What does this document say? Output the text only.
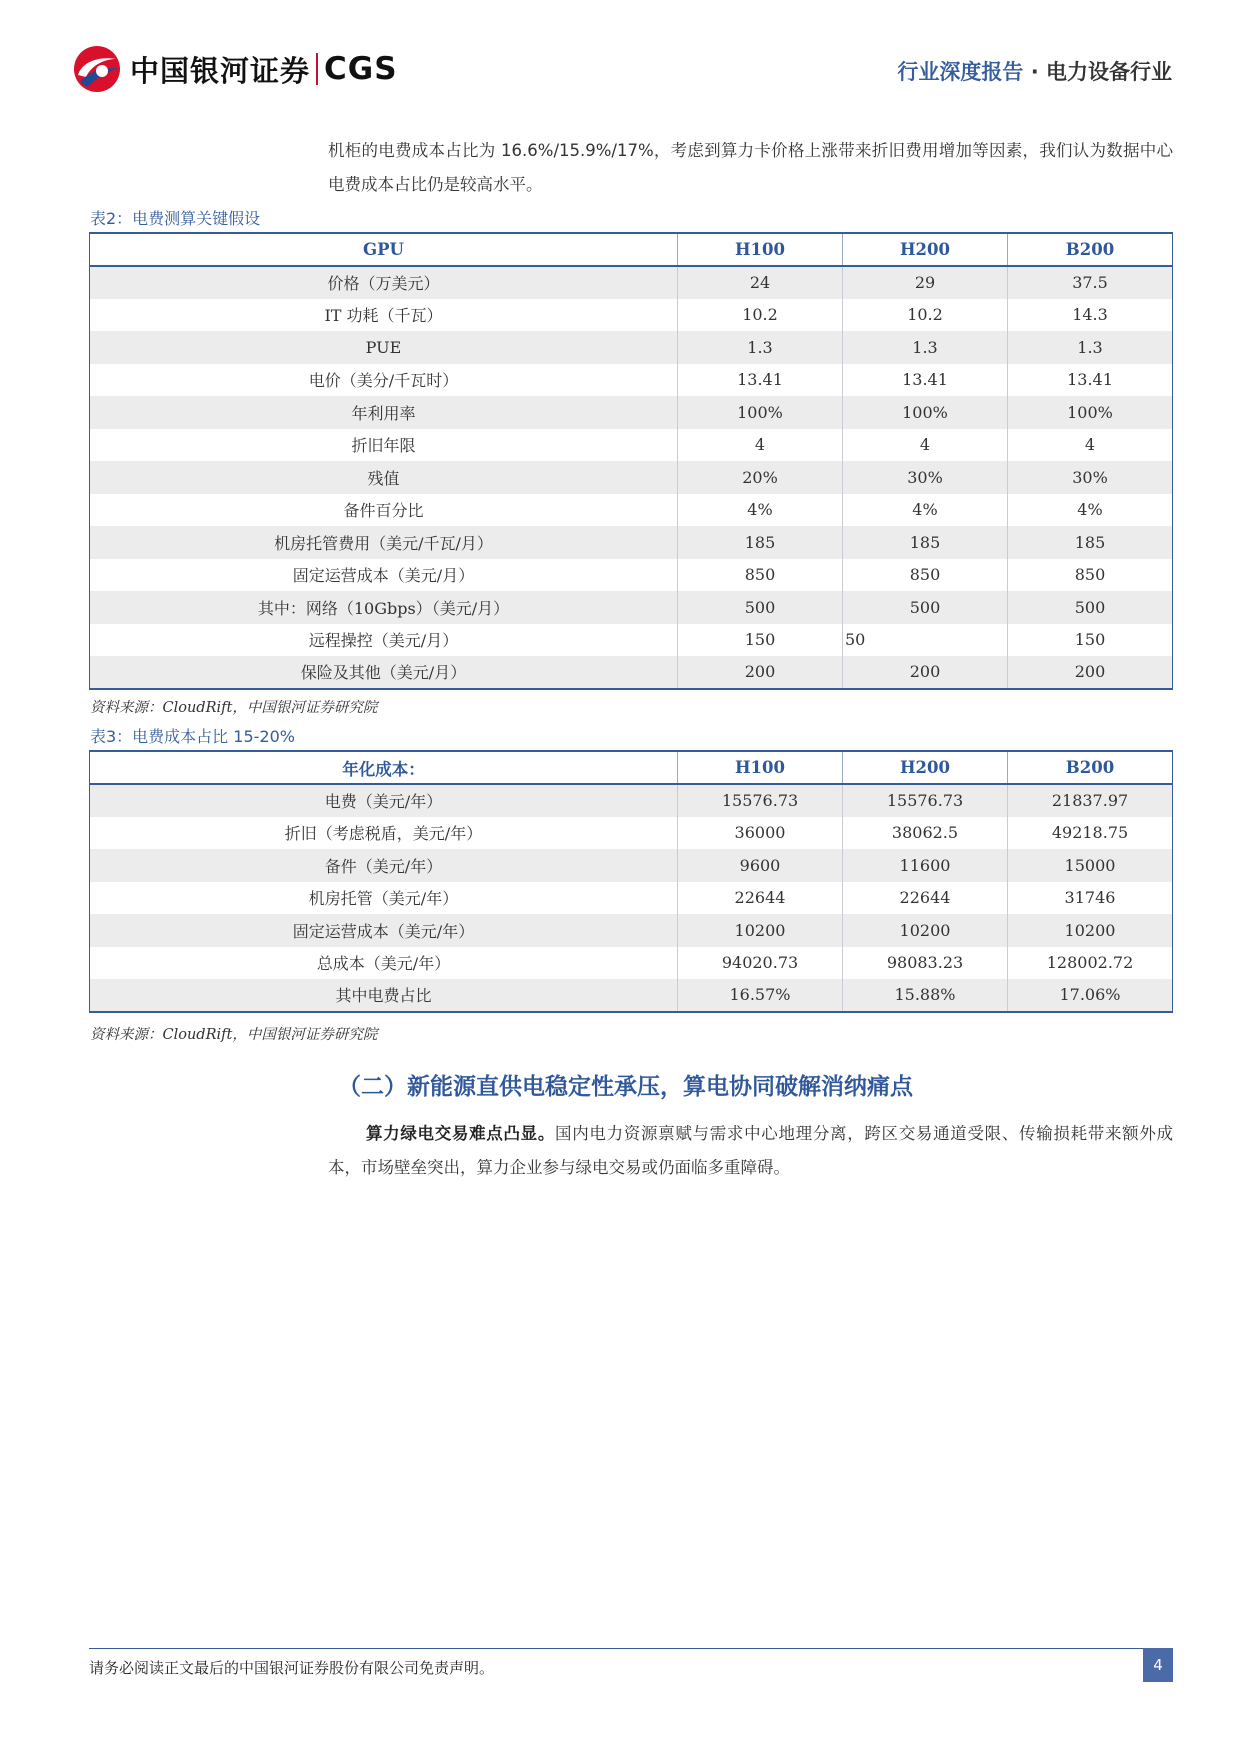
中国银河证券 CGS	行业深度报告 · 电力设备行业

机柜的电费成本占比为 16.6%/15.9%/17%，考虑到算力卡价格上涨带来折旧费用增加等因素，我们认为数据中心电费成本占比仍是较高水平。

表2：电费测算关键假设
GPU	H100	H200	B200
价格（万美元）	24	29	37.5
IT 功耗（千瓦）	10.2	10.2	14.3
PUE	1.3	1.3	1.3
电价（美分/千瓦时）	13.41	13.41	13.41
年利用率	100%	100%	100%
折旧年限	4	4	4
残值	20%	30%	30%
备件百分比	4%	4%	4%
机房托管费用（美元/千瓦/月）	185	185	185
固定运营成本（美元/月）	850	850	850
其中：网络（10Gbps）（美元/月）	500	500	500
远程操控（美元/月）	150	50	150
保险及其他（美元/月）	200	200	200
资料来源：CloudRift，中国银河证券研究院
表3：电费成本占比 15-20%
年化成本：	H100	H200	B200
电费（美元/年）	15576.73	15576.73	21837.97
折旧（考虑税盾，美元/年）	36000	38062.5	49218.75
备件（美元/年）	9600	11600	15000
机房托管（美元/年）	22644	22644	31746
固定运营成本（美元/年）	10200	10200	10200
总成本（美元/年）	94020.73	98083.23	128002.72
其中电费占比	16.57%	15.88%	17.06%
资料来源：CloudRift，中国银河证券研究院
（二）新能源直供电稳定性承压，算电协同破解消纳痛点

算力绿电交易难点凸显。国内电力资源禀赋与需求中心地理分离，跨区交易通道受限、传输损耗带来额外成本，市场壁垒突出，算力企业参与绿电交易或仍面临多重障碍。

请务必阅读正文最后的中国银河证券股份有限公司免责声明。	4
